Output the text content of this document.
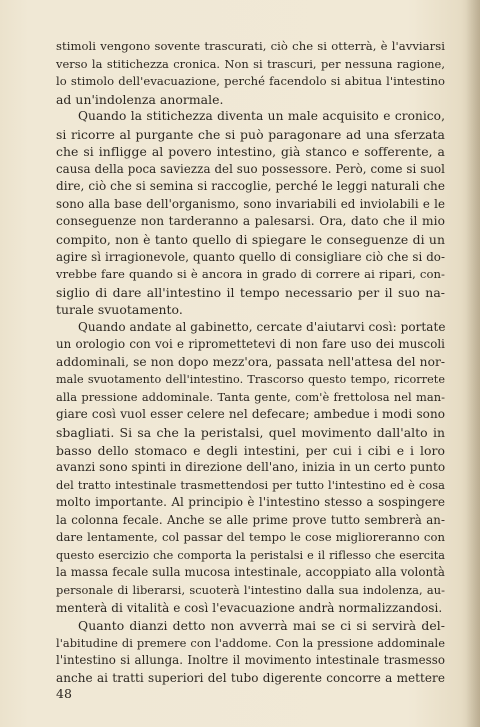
stimoli vengono sovente trascurati, ciò che si otterrà, è l'avviarsi
verso la stitichezza cronica. Non si trascuri, per nessuna ragione,
lo stimolo dell'evacuazione, perché facendolo si abitua l'intestino
ad un'indolenza anormale.
Quando la stitichezza diventa un male acquisito e cronico,
si ricorre al purgante che si può paragonare ad una sferzata
che si infligge al povero intestino, già stanco e sofferente, a
causa della poca saviezza del suo possessore. Però, come si suol
dire, ciò che si semina si raccoglie, perché le leggi naturali che
sono alla base dell'organismo, sono invariabili ed inviolabili e le
conseguenze non tarderanno a palesarsi. Ora, dato che il mio
compito, non è tanto quello di spiegare le conseguenze di un
agire sì irragionevole, quanto quello di consigliare ciò che si do-
vrebbe fare quando si è ancora in grado di correre ai ripari, con-
siglio di dare all'intestino il tempo necessario per il suo na-
turale svuotamento.
Quando andate al gabinetto, cercate d'aiutarvi così: portate
un orologio con voi e ripromettetevi di non fare uso dei muscoli
addominali, se non dopo mezz'ora, passata nell'attesa del nor-
male svuotamento dell'intestino. Trascorso questo tempo, ricorrete
alla pressione addominale. Tanta gente, com'è frettolosa nel man-
giare così vuol esser celere nel defecare; ambedue i modi sono
sbagliati. Si sa che la peristalsi, quel movimento dall'alto in
basso dello stomaco e degli intestini, per cui i cibi e i loro
avanzi sono spinti in direzione dell'ano, inizia in un certo punto
del tratto intestinale trasmettendosi per tutto l'intestino ed è cosa
molto importante. Al principio è l'intestino stesso a sospingere
la colonna fecale. Anche se alle prime prove tutto sembrerà an-
dare lentamente, col passar del tempo le cose miglioreranno con
questo esercizio che comporta la peristalsi e il riflesso che esercita
la massa fecale sulla mucosa intestinale, accoppiato alla volontà
personale di liberarsi, scuoterà l'intestino dalla sua indolenza, au-
menterà di vitalità e così l'evacuazione andrà normalizzandosi.
Quanto dianzi detto non avverrà mai se ci si servirà del-
l'abitudine di premere con l'addome. Con la pressione addominale
l'intestino si allunga. Inoltre il movimento intestinale trasmesso
anche ai tratti superiori del tubo digerente concorre a mettere
48
